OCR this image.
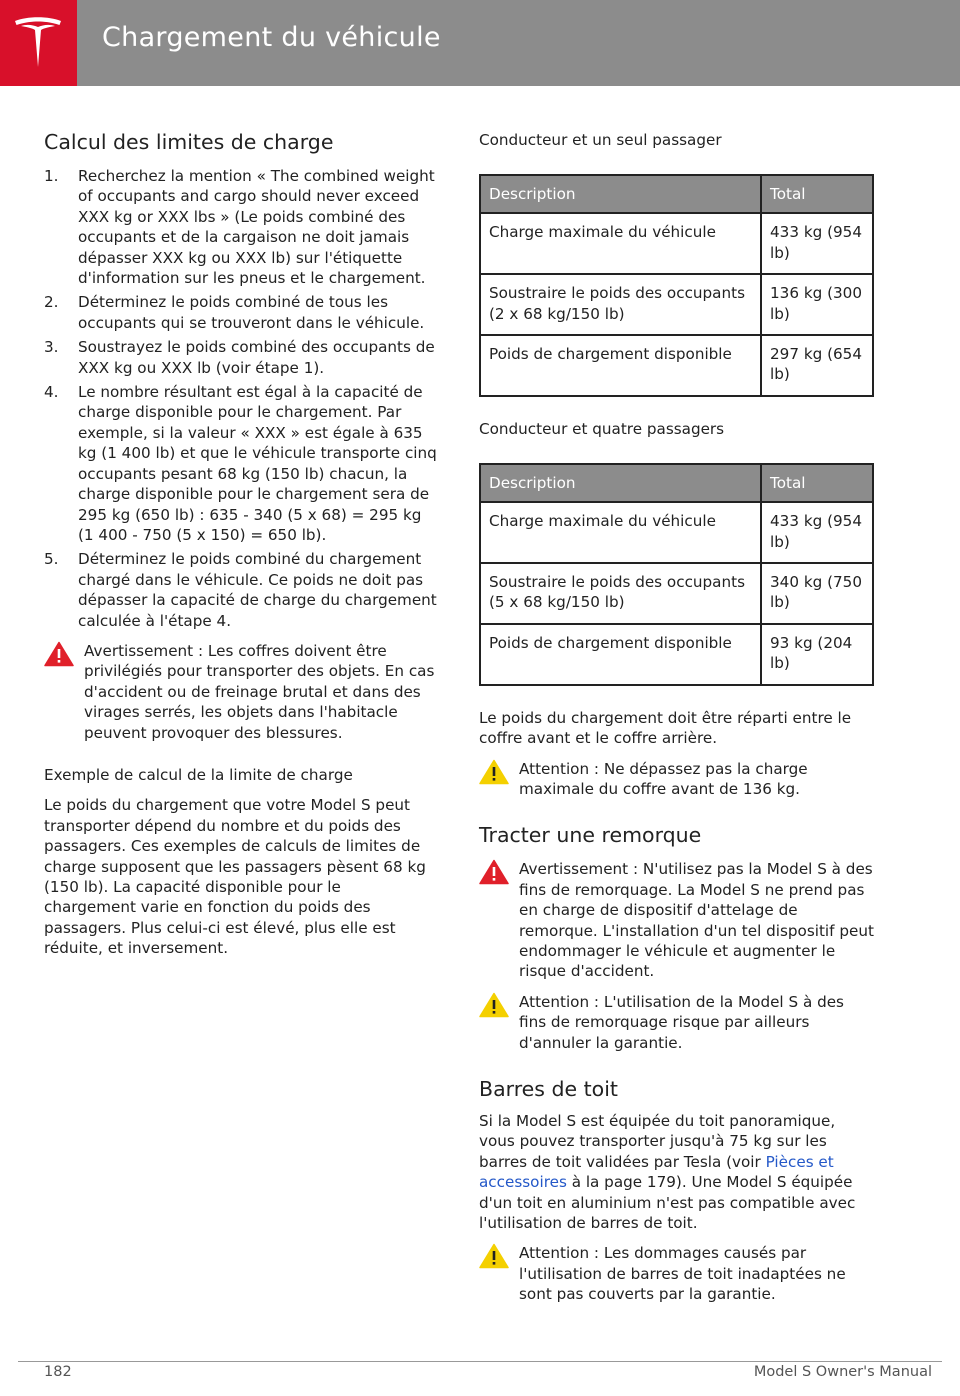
Chargement du véhicule
Calcul des limites de charge
1. Recherchez la mention « The combined weight of occupants and cargo should never exceed XXX kg or XXX lbs » (Le poids combiné des occupants et de la cargaison ne doit jamais dépasser XXX kg ou XXX lb) sur l'étiquette d'information sur les pneus et le chargement.
2. Déterminez le poids combiné de tous les occupants qui se trouveront dans le véhicule.
3. Soustrayez le poids combiné des occupants de XXX kg ou XXX lb (voir étape 1).
4. Le nombre résultant est égal à la capacité de charge disponible pour le chargement. Par exemple, si la valeur « XXX » est égale à 635 kg (1 400 lb) et que le véhicule transporte cinq occupants pesant 68 kg (150 lb) chacun, la charge disponible pour le chargement sera de 295 kg (650 lb) : 635 - 340 (5 x 68) = 295 kg (1 400 - 750 (5 x 150) = 650 lb).
5. Déterminez le poids combiné du chargement chargé dans le véhicule. Ce poids ne doit pas dépasser la capacité de charge du chargement calculée à l'étape 4.
Avertissement : Les coffres doivent être privilégiés pour transporter des objets. En cas d'accident ou de freinage brutal et dans des virages serrés, les objets dans l'habitacle peuvent provoquer des blessures.

Exemple de calcul de la limite de charge

Le poids du chargement que votre Model S peut transporter dépend du nombre et du poids des passagers. Ces exemples de calculs de limites de charge supposent que les passagers pèsent 68 kg (150 lb). La capacité disponible pour le chargement varie en fonction du poids des passagers. Plus celui-ci est élevé, plus elle est réduite, et inversement.

Conducteur et un seul passager

Description	Total
Charge maximale du véhicule	433 kg (954 lb)
Soustraire le poids des occupants (2 x 68 kg/150 lb)	136 kg (300 lb)
Poids de chargement disponible	297 kg (654 lb)

Conducteur et quatre passagers

Description	Total
Charge maximale du véhicule	433 kg (954 lb)
Soustraire le poids des occupants (5 x 68 kg/150 lb)	340 kg (750 lb)
Poids de chargement disponible	93 kg (204 lb)

Le poids du chargement doit être réparti entre le coffre avant et le coffre arrière.

Attention : Ne dépassez pas la charge maximale du coffre avant de 136 kg.
Tracter une remorque
Avertissement : N'utilisez pas la Model S à des fins de remorquage. La Model S ne prend pas en charge de dispositif d'attelage de remorque. L'installation d'un tel dispositif peut endommager le véhicule et augmenter le risque d'accident.
Attention : L'utilisation de la Model S à des fins de remorquage risque par ailleurs d'annuler la garantie.
Barres de toit

Si la Model S est équipée du toit panoramique, vous pouvez transporter jusqu'à 75 kg sur les barres de toit validées par Tesla (voir Pièces et accessoires à la page 179). Une Model S équipée d'un toit en aluminium n'est pas compatible avec l'utilisation de barres de toit.

Attention : Les dommages causés par l'utilisation de barres de toit inadaptées ne sont pas couverts par la garantie.
182	Model S Owner's Manual
